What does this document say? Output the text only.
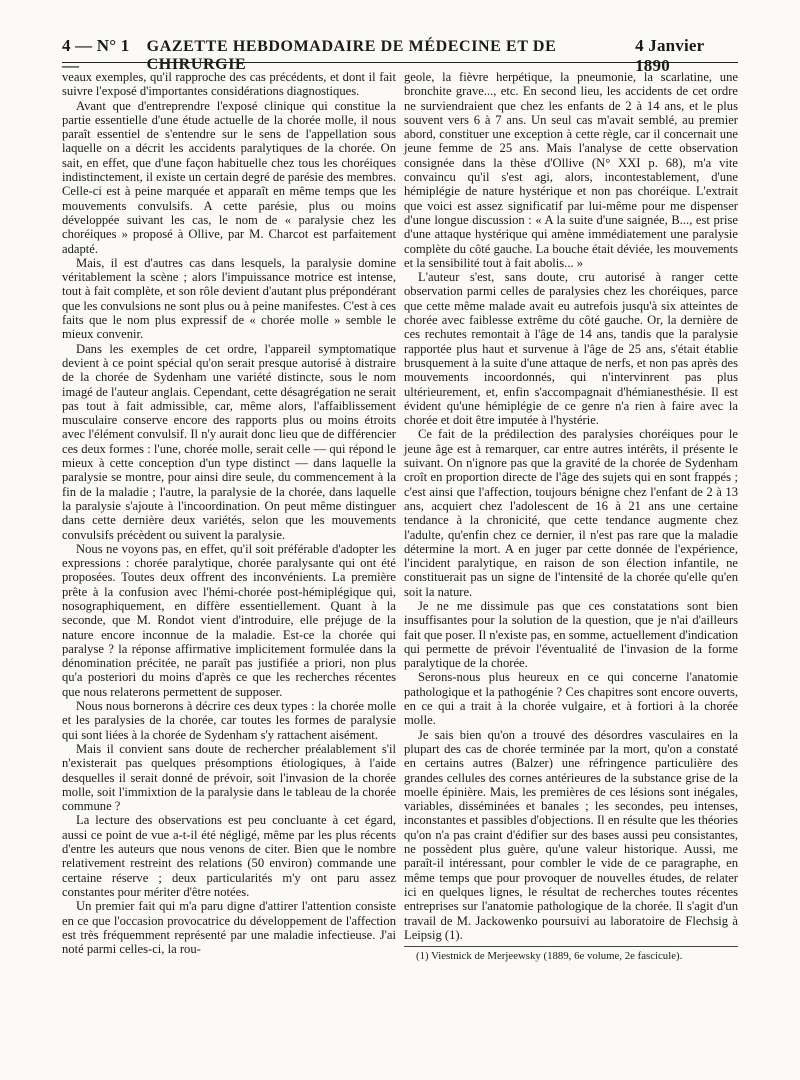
4 — N° 1 —
GAZETTE HEBDOMADAIRE DE MÉDECINE ET DE CHIRURGIE
4 Janvier 1890

veaux exemples, qu'il rapproche des cas précédents, et dont il fait suivre l'exposé d'importantes considérations diagnostiques.

Avant que d'entreprendre l'exposé clinique qui constitue la partie essentielle d'une étude actuelle de la chorée molle, il nous paraît essentiel de s'entendre sur le sens de l'appellation sous laquelle on a décrit les accidents paralytiques de la chorée. On sait, en effet, que d'une façon habituelle chez tous les choréiques indistinctement, il existe un certain degré de parésie des membres. Celle-ci est à peine marquée et apparaît en même temps que les mouvements convulsifs. A cette parésie, plus ou moins développée suivant les cas, le nom de « paralysie chez les choréiques » proposé à Ollive, par M. Charcot est parfaitement adapté.

Mais, il est d'autres cas dans lesquels, la paralysie domine véritablement la scène ; alors l'impuissance motrice est intense, tout à fait complète, et son rôle devient d'autant plus prépondérant que les convulsions ne sont plus ou à peine manifestes. C'est à ces faits que le nom plus expressif de « chorée molle » semble le mieux convenir.

Dans les exemples de cet ordre, l'appareil symptomatique devient à ce point spécial qu'on serait presque autorisé à distraire de la chorée de Sydenham une variété distincte, sous le nom imagé de l'auteur anglais. Cependant, cette désagrégation ne serait pas tout à fait admissible, car, même alors, l'affaiblissement musculaire conserve encore des rapports plus ou moins étroits avec l'élément convulsif. Il n'y aurait donc lieu que de différencier ces deux formes : l'une, chorée molle, serait celle — qui répond le mieux à cette conception d'un type distinct — dans laquelle la paralysie se montre, pour ainsi dire seule, du commencement à la fin de la maladie ; l'autre, la paralysie de la chorée, dans laquelle la paralysie s'ajoute à l'incoordination. On peut même distinguer dans cette dernière deux variétés, selon que les mouvements convulsifs précèdent ou suivent la paralysie.

Nous ne voyons pas, en effet, qu'il soit préférable d'adopter les expressions : chorée paralytique, chorée paralysante qui ont été proposées. Toutes deux offrent des inconvénients. La première prête à la confusion avec l'hémi-chorée post-hémiplégique qui, nosographiquement, en diffère essentiellement. Quant à la seconde, que M. Rondot vient d'introduire, elle préjuge de la nature encore inconnue de la maladie. Est-ce la chorée qui paralyse ? la réponse affirmative implicitement formulée dans la dénomination précitée, ne paraît pas justifiée a priori, non plus qu'a posteriori du moins d'après ce que les recherches récentes que nous relaterons permettent de supposer.

Nous nous bornerons à décrire ces deux types : la chorée molle et les paralysies de la chorée, car toutes les formes de paralysie qui sont liées à la chorée de Sydenham s'y rattachent aisément.

Mais il convient sans doute de rechercher préalablement s'il n'existerait pas quelques présomptions étiologiques, à l'aide desquelles il serait donné de prévoir, soit l'invasion de la chorée molle, soit l'immixtion de la paralysie dans le tableau de la chorée commune ?

La lecture des observations est peu concluante à cet égard, aussi ce point de vue a-t-il été négligé, même par les plus récents d'entre les auteurs que nous venons de citer. Bien que le nombre relativement restreint des relations (50 environ) commande une certaine réserve ; deux particularités m'y ont paru assez constantes pour mériter d'être notées.

Un premier fait qui m'a paru digne d'attirer l'attention consiste en ce que l'occasion provocatrice du développement de l'affection est très fréquemment représenté par une maladie infectieuse. J'ai noté parmi celles-ci, la rou-

geole, la fièvre herpétique, la pneumonie, la scarlatine, une bronchite grave..., etc. En second lieu, les accidents de cet ordre ne surviendraient que chez les enfants de 2 à 14 ans, et le plus souvent vers 6 à 7 ans. Un seul cas m'avait semblé, au premier abord, constituer une exception à cette règle, car il concernait une jeune femme de 25 ans. Mais l'analyse de cette observation consignée dans la thèse d'Ollive (N° XXI p. 68), m'a vite convaincu qu'il s'est agi, alors, incontestablement, d'une hémiplégie de nature hystérique et non pas choréique. L'extrait que voici est assez significatif par lui-même pour me dispenser d'une longue discussion : « A la suite d'une saignée, B..., est prise d'une attaque hystérique qui amène immédiatement une paralysie complète du côté gauche. La bouche était déviée, les mouvements et la sensibilité tout à fait abolis... »

L'auteur s'est, sans doute, cru autorisé à ranger cette observation parmi celles de paralysies chez les choréiques, parce que cette même malade avait eu autrefois jusqu'à six atteintes de chorée avec faiblesse extrême du côté gauche. Or, la dernière de ces rechutes remontait à l'âge de 14 ans, tandis que la paralysie rapportée plus haut et survenue à l'âge de 25 ans, s'était établie brusquement à la suite d'une attaque de nerfs, et non pas après des mouvements incoordonnés, qui n'intervinrent pas plus ultérieurement, et, enfin s'accompagnait d'hémianesthésie. Il est évident qu'une hémiplégie de ce genre n'a rien à faire avec la chorée et doit être imputée à l'hystérie.

Ce fait de la prédilection des paralysies choréiques pour le jeune âge est à remarquer, car entre autres intérêts, il présente le suivant. On n'ignore pas que la gravité de la chorée de Sydenham croît en proportion directe de l'âge des sujets qui en sont frappés ; c'est ainsi que l'affection, toujours bénigne chez l'enfant de 2 à 13 ans, acquiert chez l'adolescent de 16 à 21 ans une certaine tendance à la chronicité, que cette tendance augmente chez l'adulte, qu'enfin chez ce dernier, il n'est pas rare que la maladie détermine la mort. A en juger par cette donnée de l'expérience, l'incident paralytique, en raison de son élection infantile, ne constituerait pas un signe de l'intensité de la chorée qu'elle qu'en soit la nature.

Je ne me dissimule pas que ces constatations sont bien insuffisantes pour la solution de la question, que je n'ai d'ailleurs fait que poser. Il n'existe pas, en somme, actuellement d'indication qui permette de prévoir l'éventualité de l'invasion de la forme paralytique de la chorée.

Serons-nous plus heureux en ce qui concerne l'anatomie pathologique et la pathogénie ? Ces chapitres sont encore ouverts, en ce qui a trait à la chorée vulgaire, et à fortiori à la chorée molle.

Je sais bien qu'on a trouvé des désordres vasculaires en la plupart des cas de chorée terminée par la mort, qu'on a constaté en certains autres (Balzer) une réfringence particulière des grandes cellules des cornes antérieures de la substance grise de la moelle épinière. Mais, les premières de ces lésions sont inégales, variables, disséminées et banales ; les secondes, peu intenses, inconstantes et passibles d'objections. Il en résulte que les théories qu'on n'a pas craint d'édifier sur des bases aussi peu consistantes, ne possèdent plus guère, qu'une valeur historique. Aussi, me paraît-il intéressant, pour combler le vide de ce paragraphe, en même temps que pour provoquer de nouvelles études, de relater ici en quelques lignes, le résultat de recherches toutes récentes entreprises sur l'anatomie pathologique de la chorée. Il s'agit d'un travail de M. Jackowenko poursuivi au laboratoire de Flechsig à Leipsig (1).

(1) Viestnick de Merjeewsky (1889, 6e volume, 2e fascicule).
